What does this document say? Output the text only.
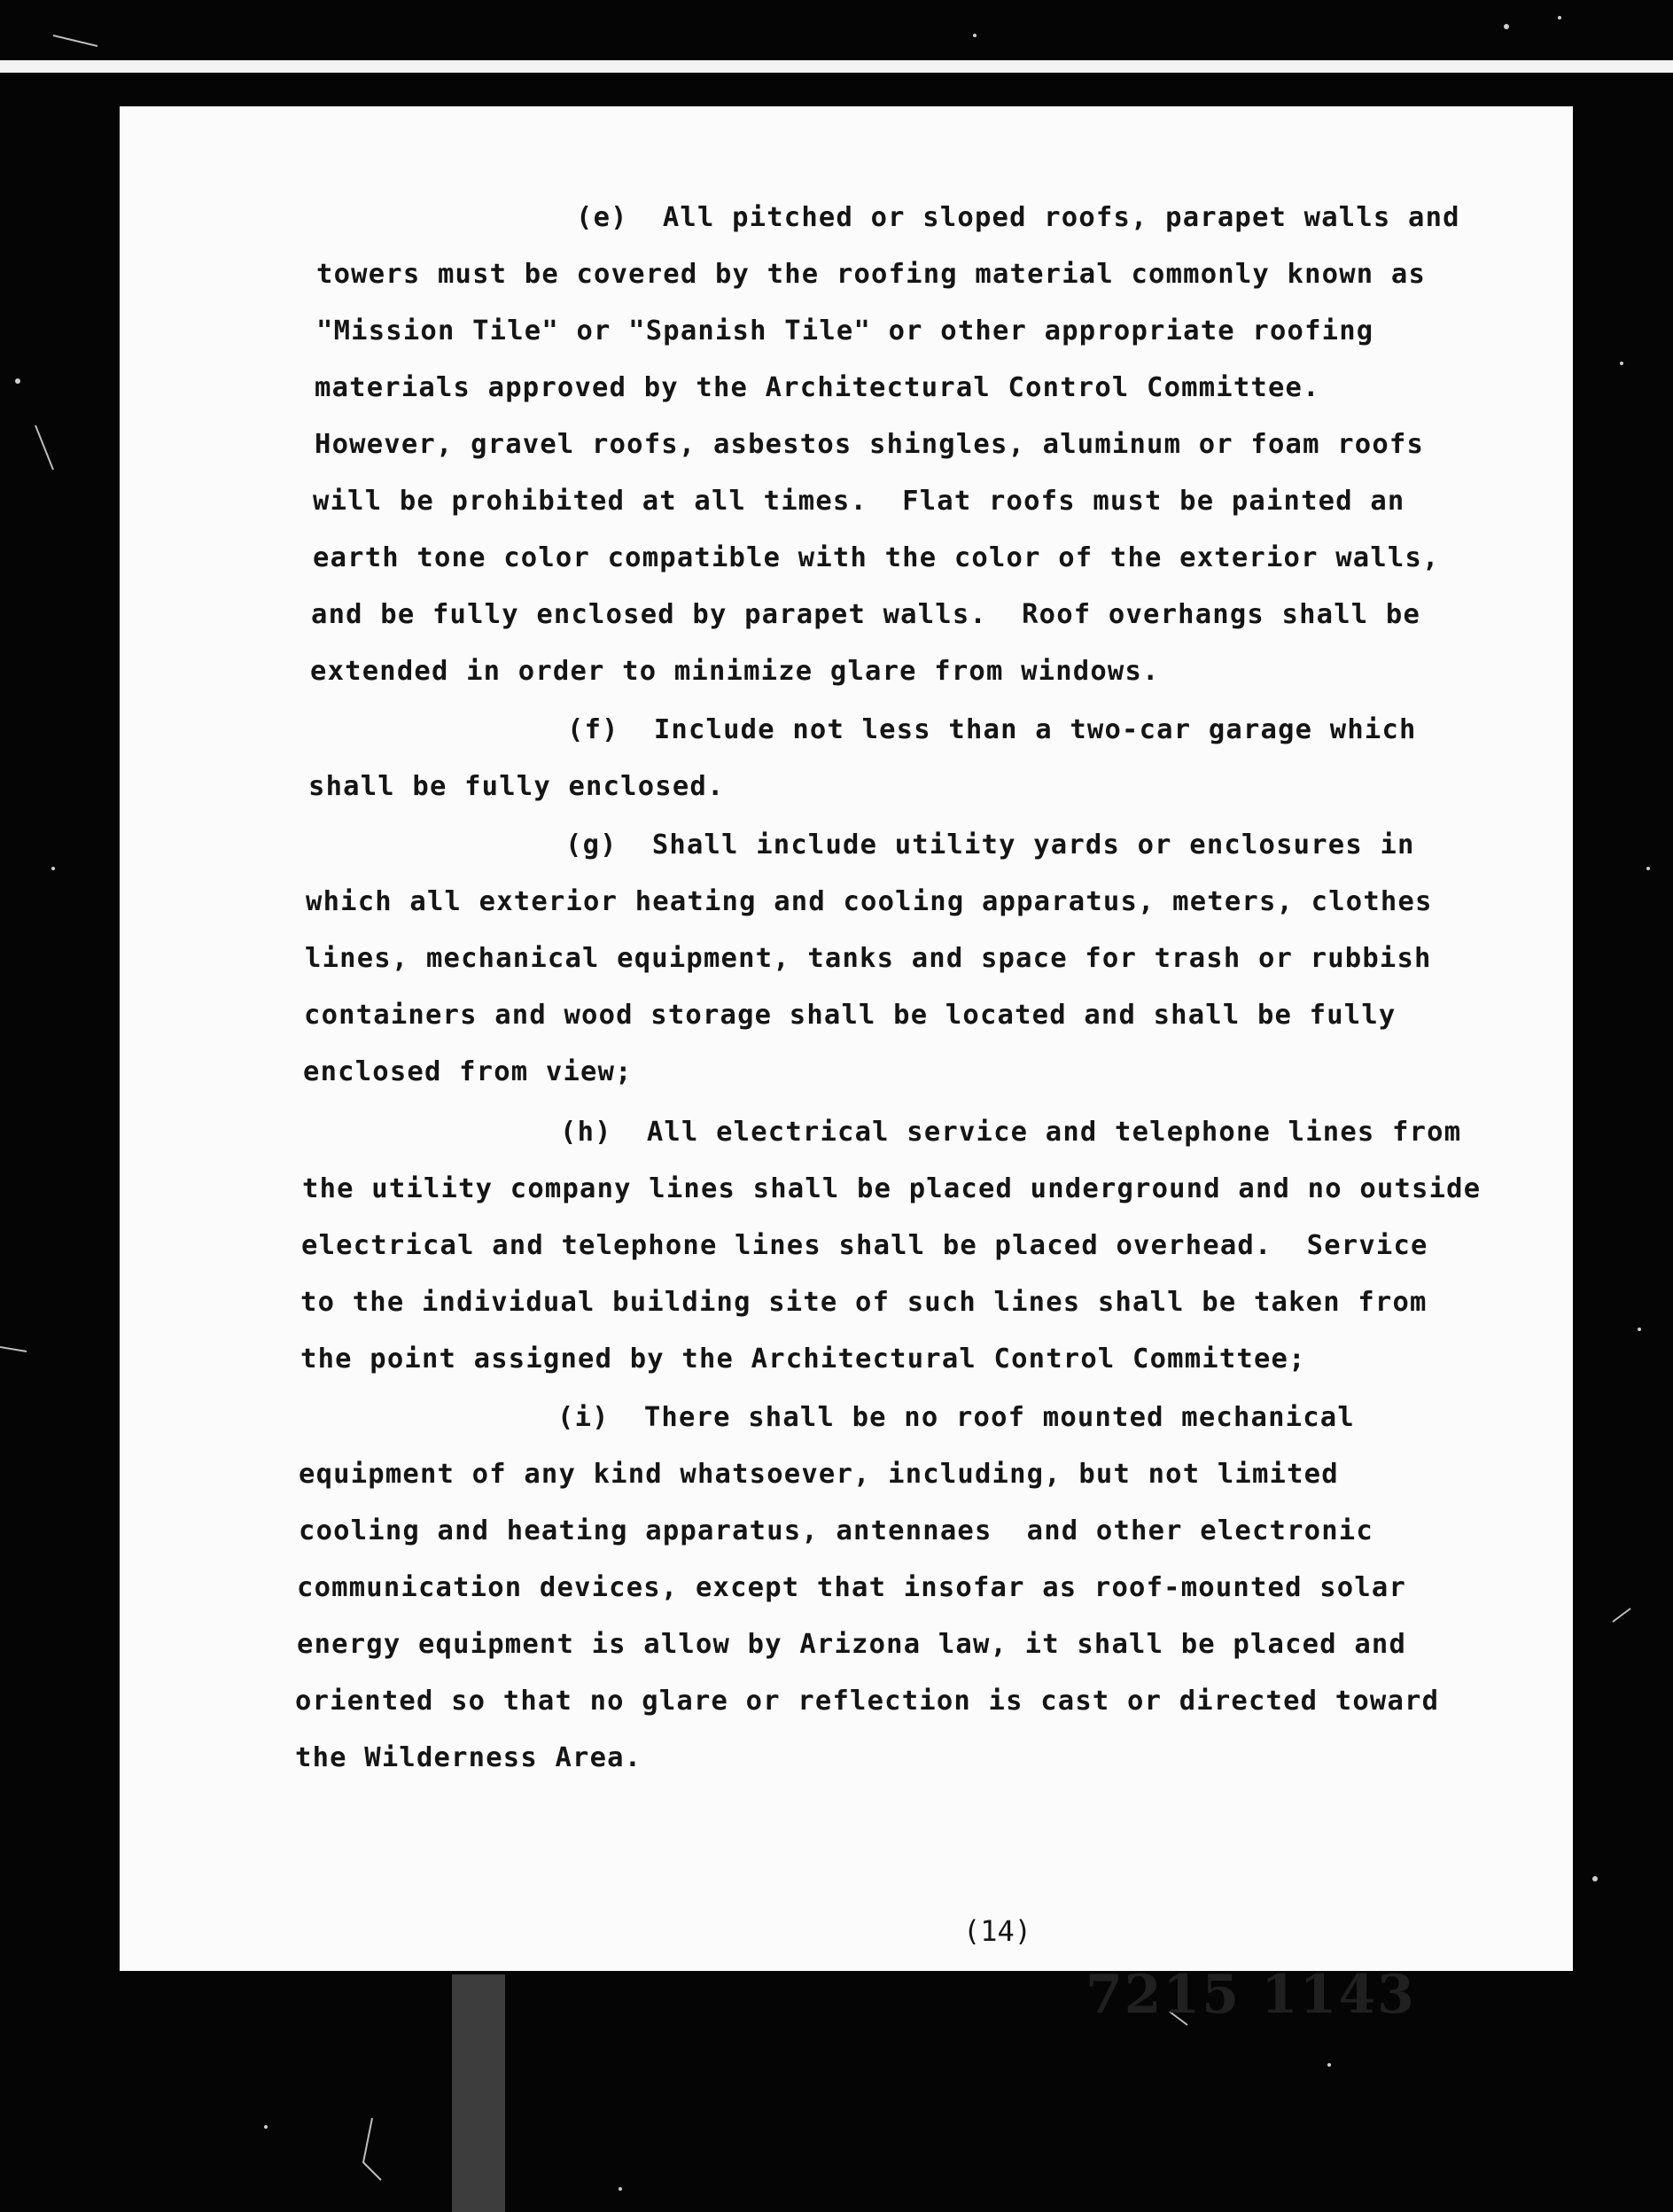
(e)  All pitched or sloped roofs, parapet walls and
towers must be covered by the roofing material commonly known as
"Mission Tile" or "Spanish Tile" or other appropriate roofing
materials approved by the Architectural Control Committee.
However, gravel roofs, asbestos shingles, aluminum or foam roofs
will be prohibited at all times.  Flat roofs must be painted an
earth tone color compatible with the color of the exterior walls,
and be fully enclosed by parapet walls.  Roof overhangs shall be
extended in order to minimize glare from windows.
(f)  Include not less than a two-car garage which
shall be fully enclosed.
(g)  Shall include utility yards or enclosures in
which all exterior heating and cooling apparatus, meters, clothes
lines, mechanical equipment, tanks and space for trash or rubbish
containers and wood storage shall be located and shall be fully
enclosed from view;
(h)  All electrical service and telephone lines from
the utility company lines shall be placed underground and no outside
electrical and telephone lines shall be placed overhead.  Service
to the individual building site of such lines shall be taken from
the point assigned by the Architectural Control Committee;
(i)  There shall be no roof mounted mechanical
equipment of any kind whatsoever, including, but not limited
cooling and heating apparatus, antennaes  and other electronic
communication devices, except that insofar as roof-mounted solar
energy equipment is allow by Arizona law, it shall be placed and
oriented so that no glare or reflection is cast or directed toward
the Wilderness Area.
(14)
7215 1143
